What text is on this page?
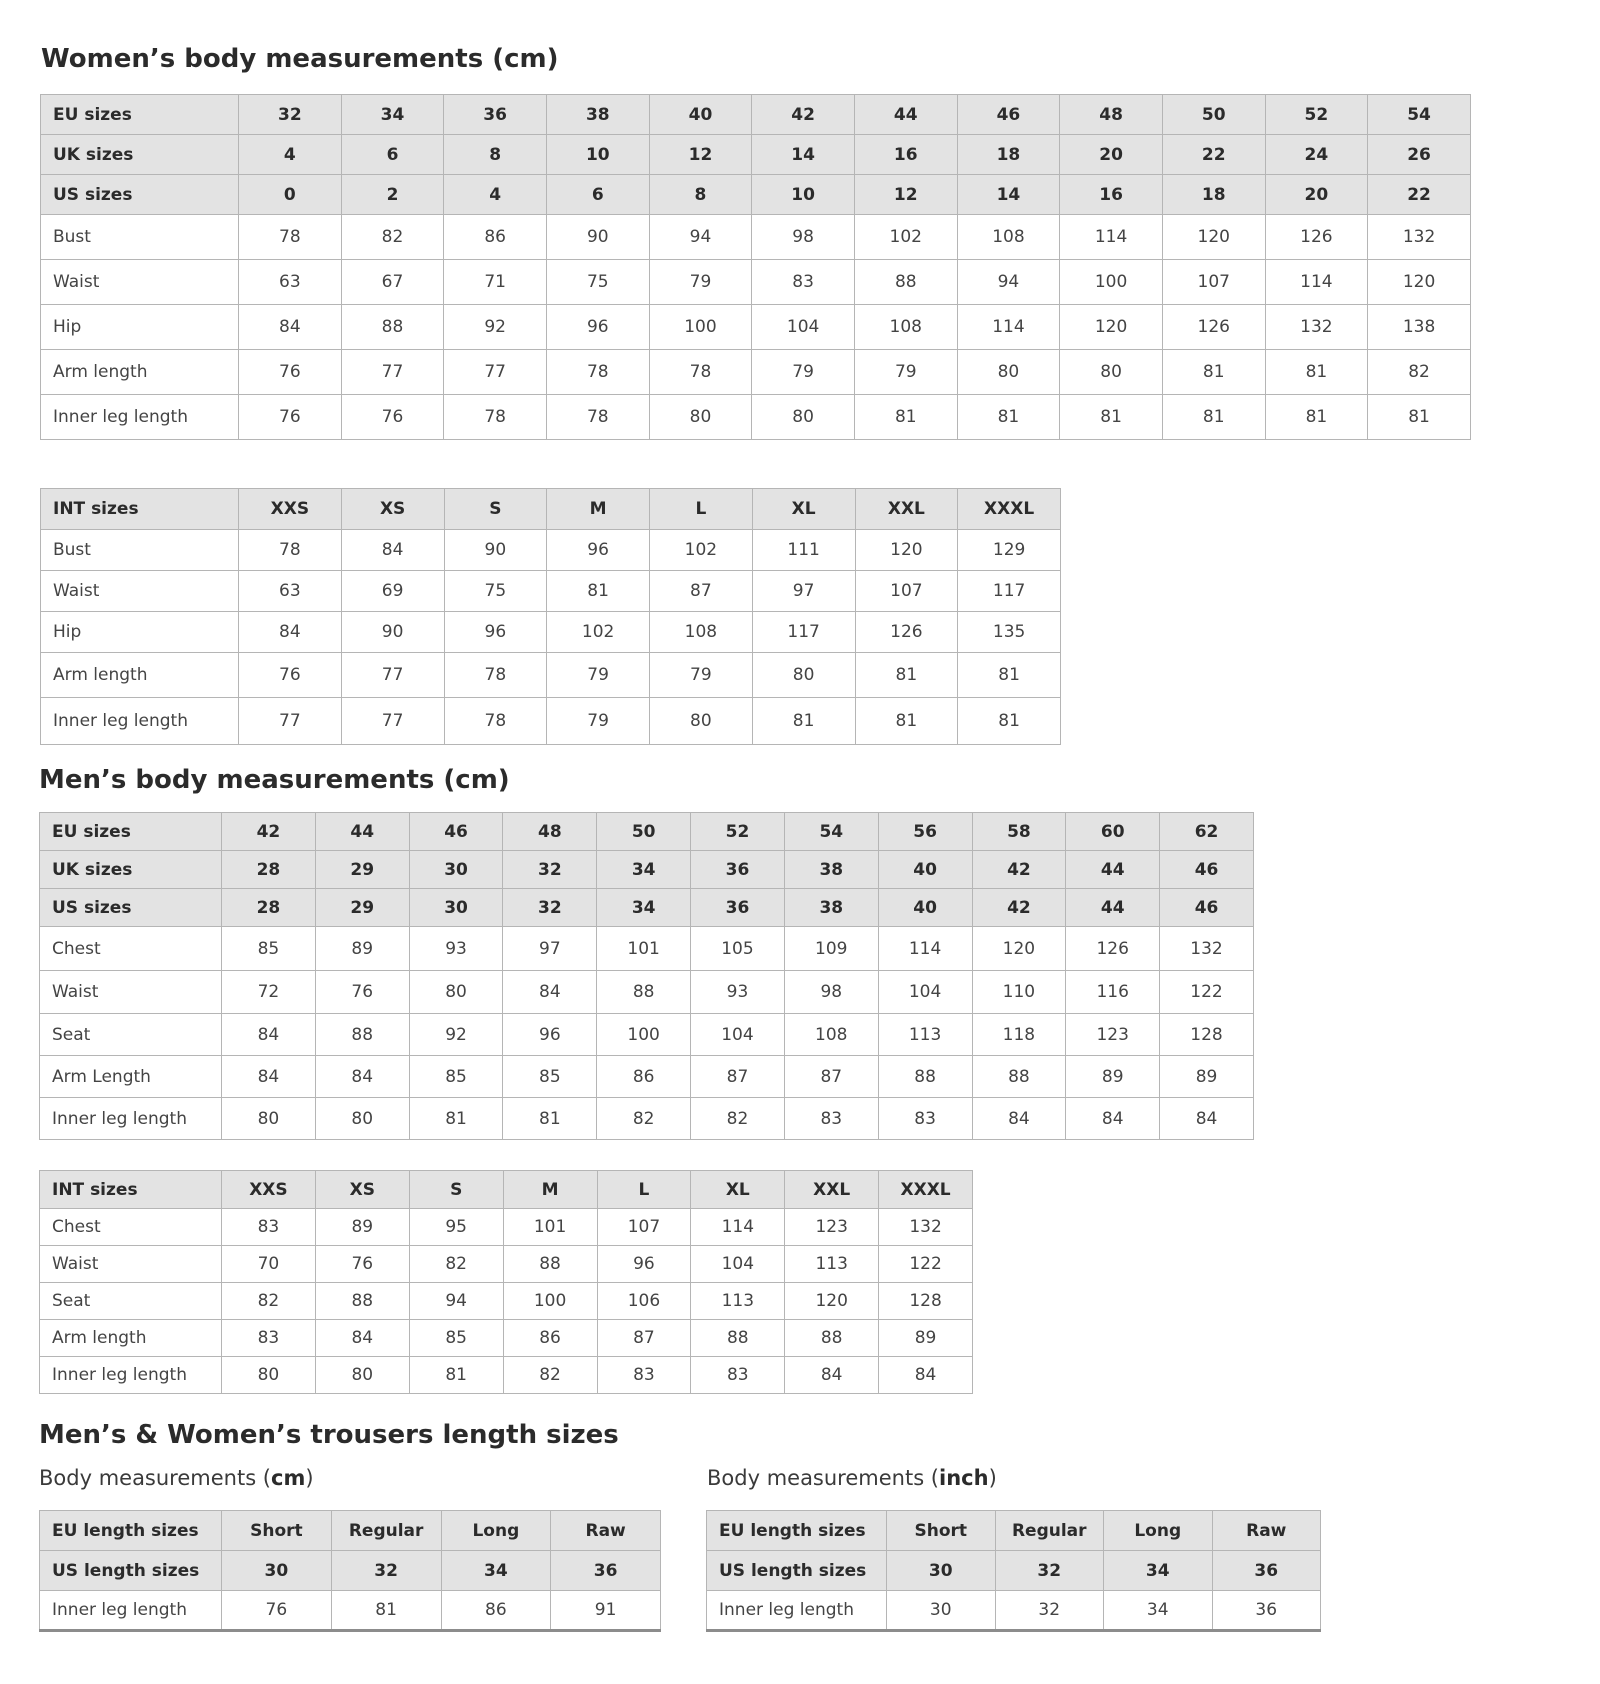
Women’s body measurements (cm)
EU sizes	32	34	36	38	40	42	44	46	48	50	52	54
UK sizes	4	6	8	10	12	14	16	18	20	22	24	26
US sizes	0	2	4	6	8	10	12	14	16	18	20	22
Bust	78	82	86	90	94	98	102	108	114	120	126	132
Waist	63	67	71	75	79	83	88	94	100	107	114	120
Hip	84	88	92	96	100	104	108	114	120	126	132	138
Arm length	76	77	77	78	78	79	79	80	80	81	81	82
Inner leg length	76	76	78	78	80	80	81	81	81	81	81	81
INT sizes	XXS	XS	S	M	L	XL	XXL	XXXL
Bust	78	84	90	96	102	111	120	129
Waist	63	69	75	81	87	97	107	117
Hip	84	90	96	102	108	117	126	135
Arm length	76	77	78	79	79	80	81	81
Inner leg length	77	77	78	79	80	81	81	81
Men’s body measurements (cm)
EU sizes	42	44	46	48	50	52	54	56	58	60	62
UK sizes	28	29	30	32	34	36	38	40	42	44	46
US sizes	28	29	30	32	34	36	38	40	42	44	46
Chest	85	89	93	97	101	105	109	114	120	126	132
Waist	72	76	80	84	88	93	98	104	110	116	122
Seat	84	88	92	96	100	104	108	113	118	123	128
Arm Length	84	84	85	85	86	87	87	88	88	89	89
Inner leg length	80	80	81	81	82	82	83	83	84	84	84
INT sizes	XXS	XS	S	M	L	XL	XXL	XXXL
Chest	83	89	95	101	107	114	123	132
Waist	70	76	82	88	96	104	113	122
Seat	82	88	94	100	106	113	120	128
Arm length	83	84	85	86	87	88	88	89
Inner leg length	80	80	81	82	83	83	84	84
Men’s & Women’s trousers length sizes

Body measurements (cm)

EU length sizes	Short	Regular	Long	Raw
US length sizes	30	32	34	36
Inner leg length	76	81	86	91

Body measurements (inch)

EU length sizes	Short	Regular	Long	Raw
US length sizes	30	32	34	36
Inner leg length	30	32	34	36
